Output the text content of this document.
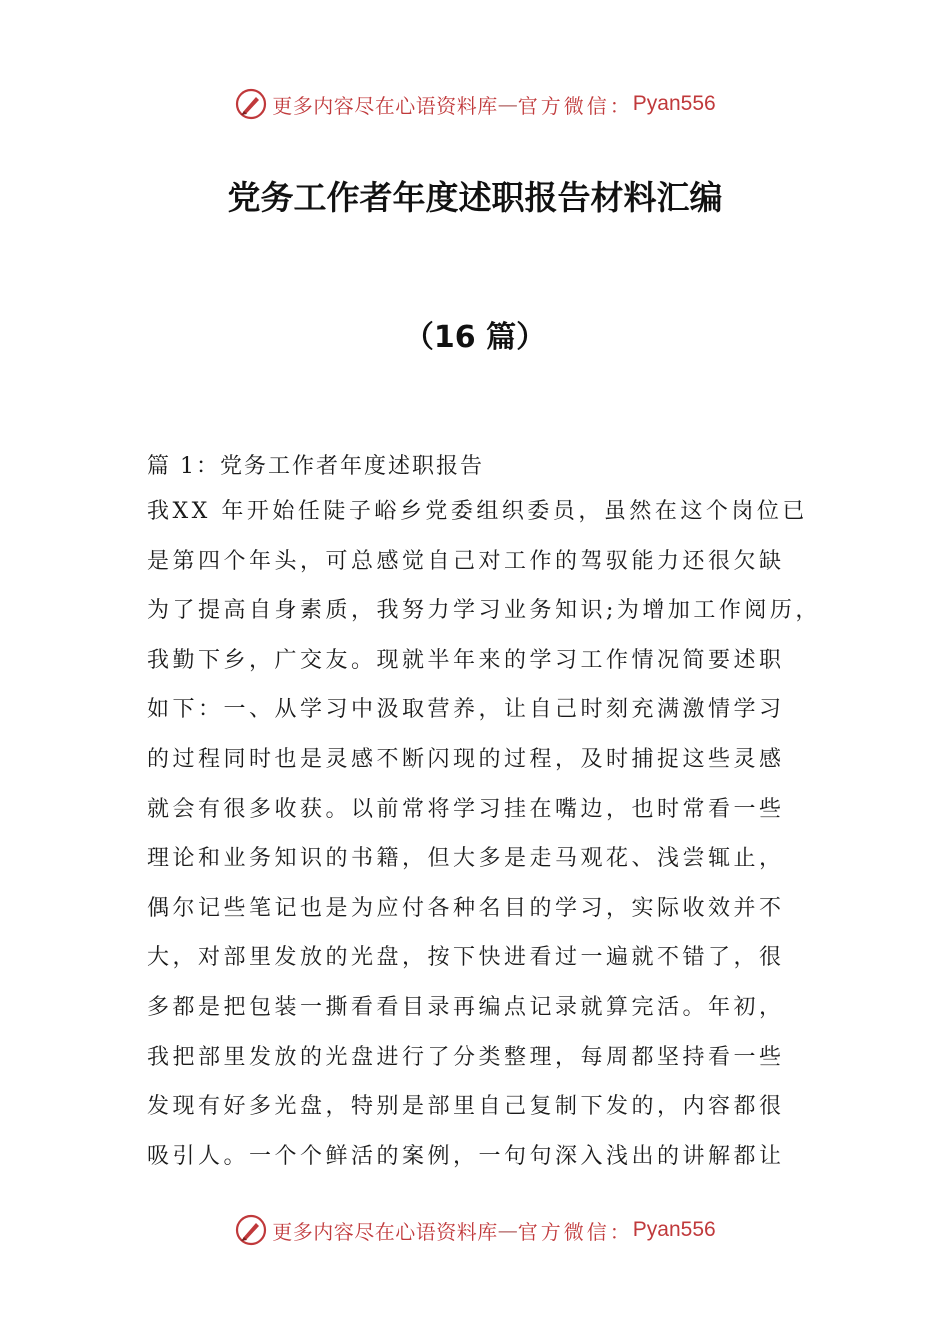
更多内容尽在心语资料库 — 官方微信： Pyan556
党务工作者年度述职报告材料汇编
（16 篇）

篇 1：党务工作者年度述职报告

我XX 年开始任陡子峪乡党委组织委员，虽然在这个岗位已

是第四个年头，可总感觉自己对工作的驾驭能力还很欠缺

为了提高自身素质，我努力学习业务知识;为增加工作阅历，

我勤下乡，广交友。现就半年来的学习工作情况简要述职

如下：一、从学习中汲取营养，让自己时刻充满激情学习

的过程同时也是灵感不断闪现的过程，及时捕捉这些灵感

就会有很多收获。以前常将学习挂在嘴边，也时常看一些

理论和业务知识的书籍，但大多是走马观花、浅尝辄止，

偶尔记些笔记也是为应付各种名目的学习，实际收效并不

大，对部里发放的光盘，按下快进看过一遍就不错了，很

多都是把包装一撕看看目录再编点记录就算完活。年初，

我把部里发放的光盘进行了分类整理，每周都坚持看一些

发现有好多光盘，特别是部里自己复制下发的，内容都很

吸引人。一个个鲜活的案例，一句句深入浅出的讲解都让

更多内容尽在心语资料库 — 官方微信： Pyan556
